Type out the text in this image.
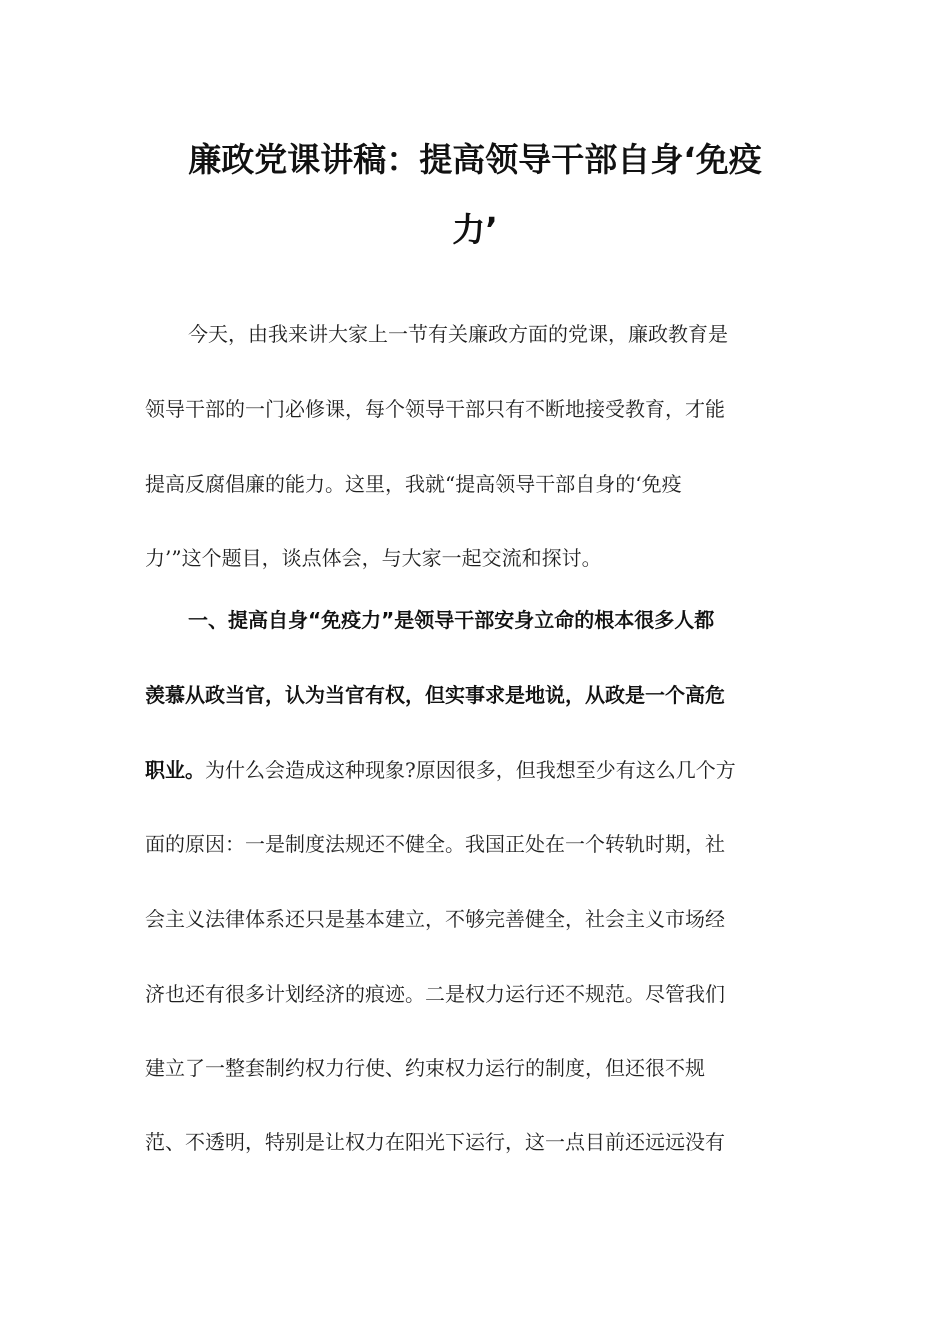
廉政党课讲稿：提高领导干部自身‘免疫
力’
今天，由我来讲大家上一节有关廉政方面的党课，廉政教育是
领导干部的一门必修课，每个领导干部只有不断地接受教育，才能
提高反腐倡廉的能力。这里，我就“提高领导干部自身的‘免疫
力’”这个题目，谈点体会，与大家一起交流和探讨。
一、提高自身“免疫力”是领导干部安身立命的根本很多人都
羡慕从政当官，认为当官有权，但实事求是地说，从政是一个高危
职业。为什么会造成这种现象?原因很多，但我想至少有这么几个方
面的原因：一是制度法规还不健全。我国正处在一个转轨时期，社
会主义法律体系还只是基本建立，不够完善健全，社会主义市场经
济也还有很多计划经济的痕迹。二是权力运行还不规范。尽管我们
建立了一整套制约权力行使、约束权力运行的制度，但还很不规
范、不透明，特别是让权力在阳光下运行，这一点目前还远远没有
